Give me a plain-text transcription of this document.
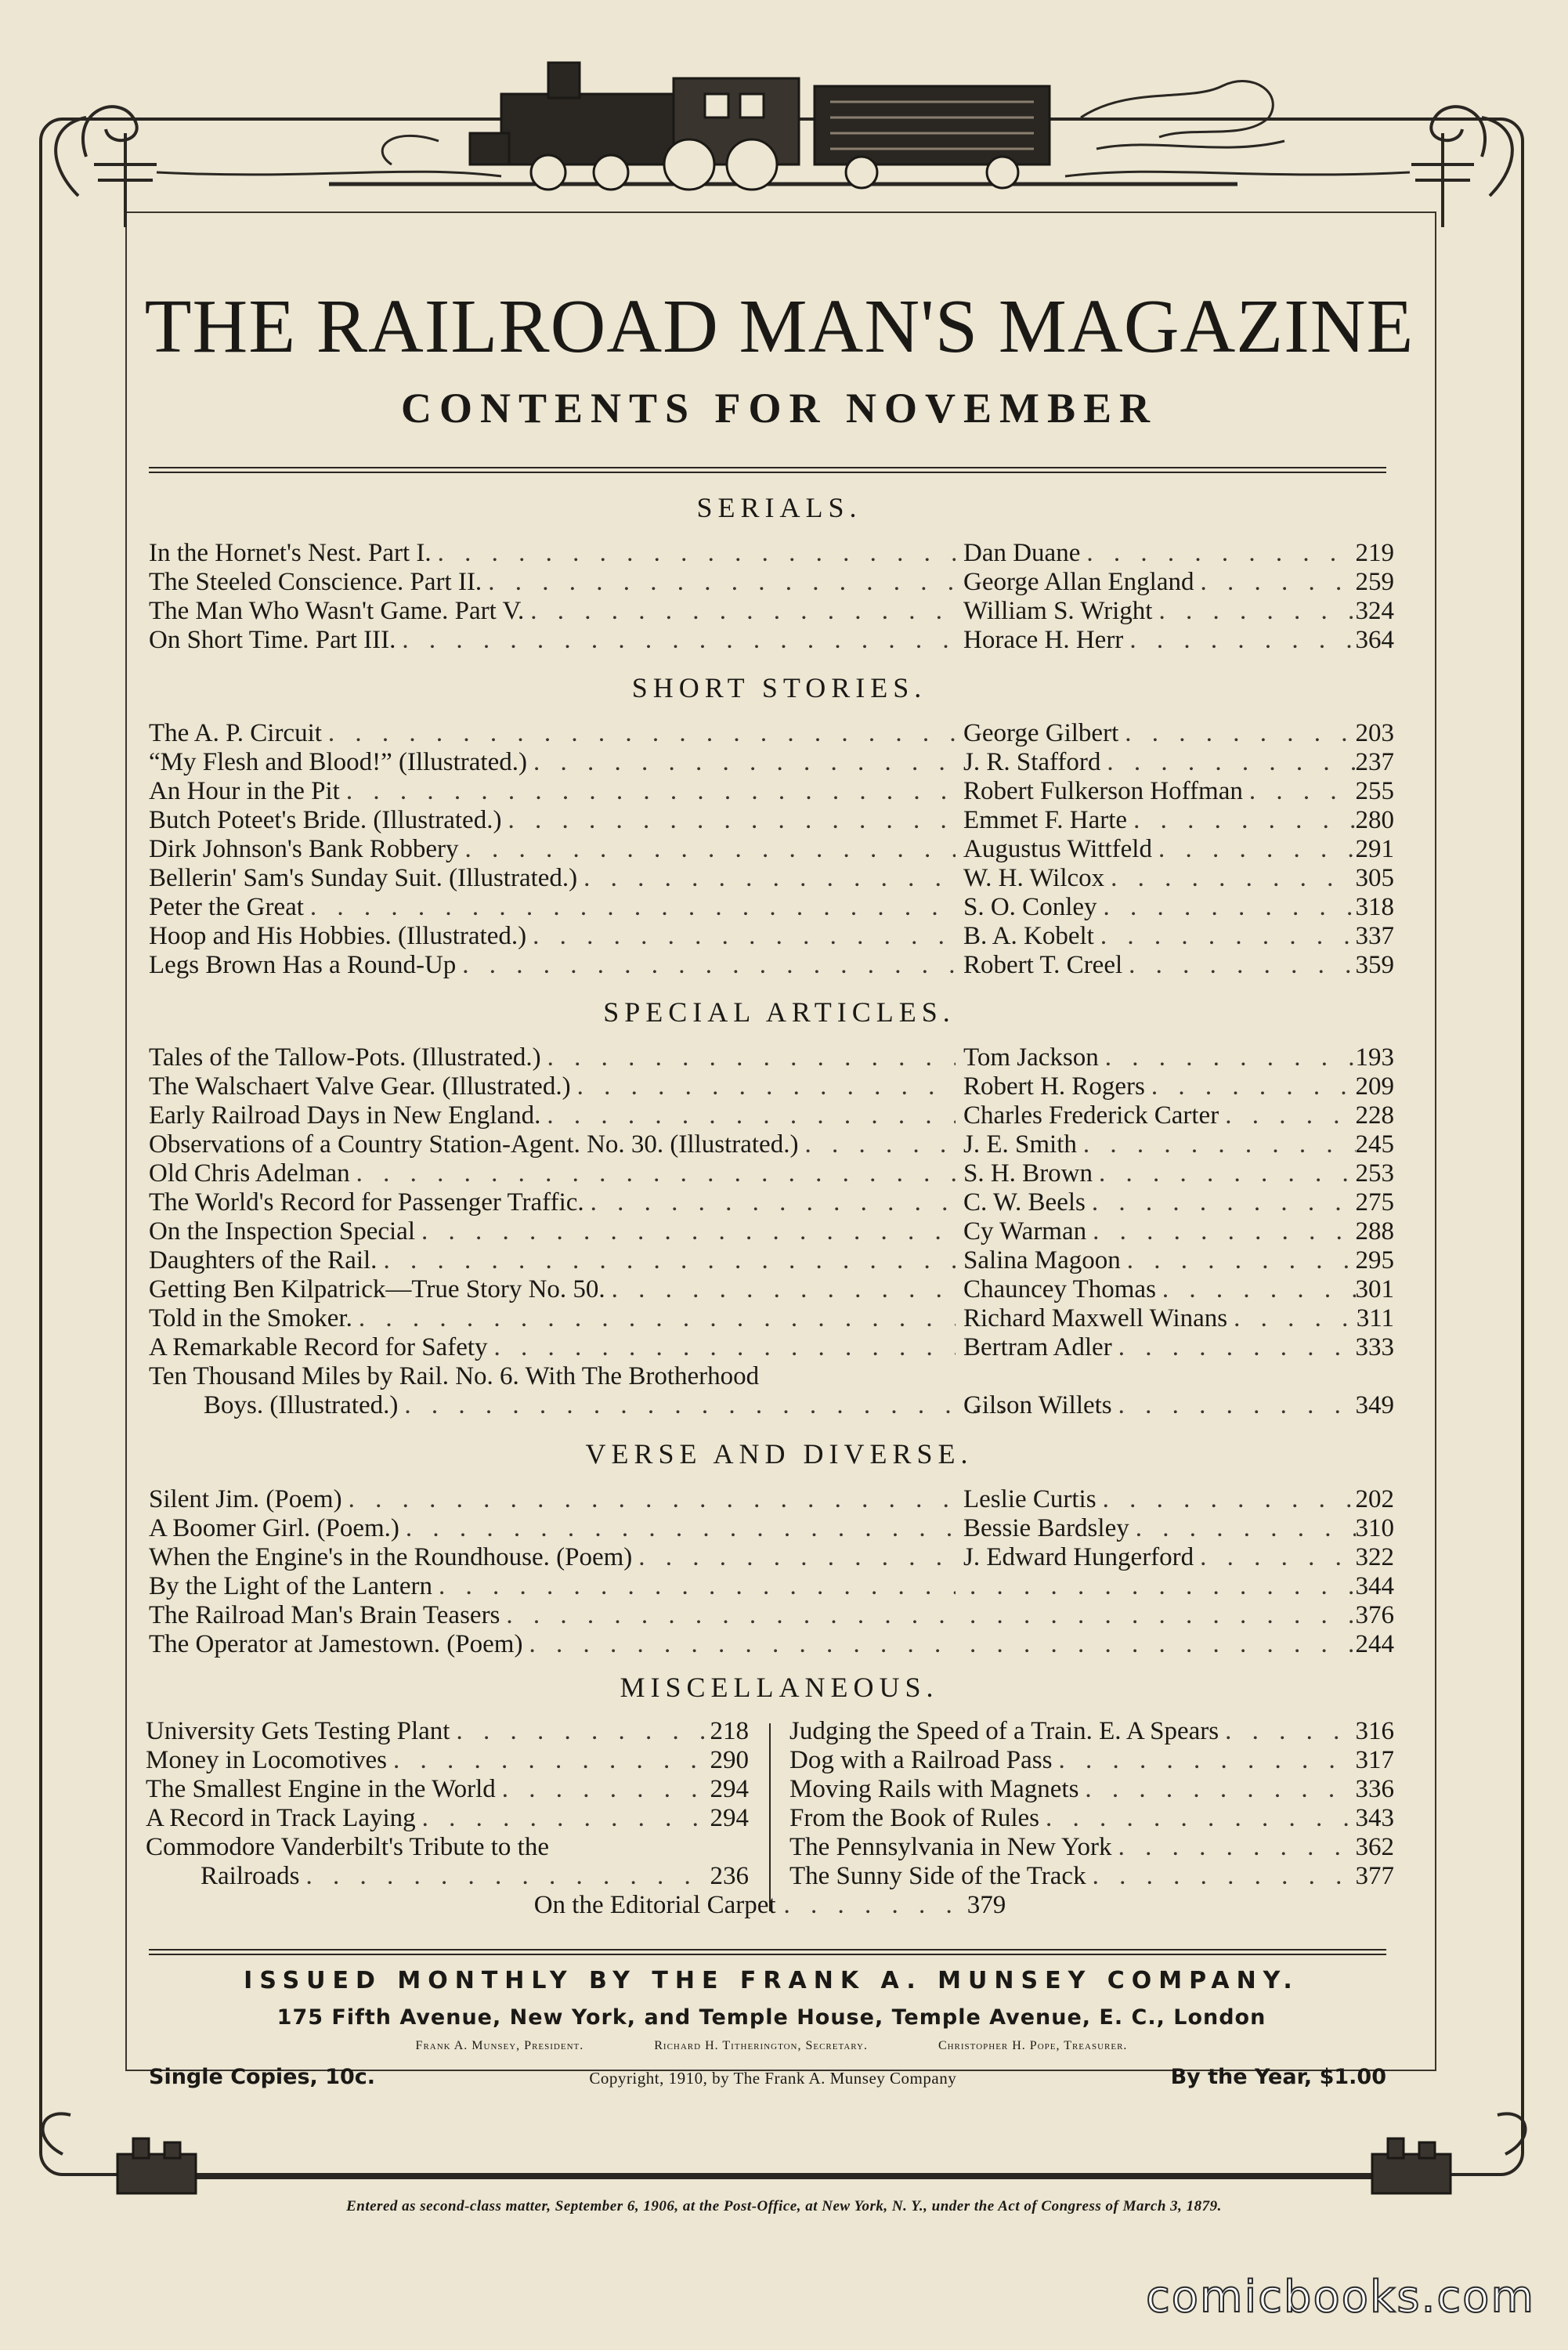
THE RAILROAD MAN'S MAGAZINE
CONTENTS FOR NOVEMBER
SERIALS.
In the Hornet's Nest. Part I. . . .	Dan Duane . . .	219
The Steeled Conscience. Part II. . . .	George Allan England . . .	259
The Man Who Wasn't Game. Part V. . . .	William S. Wright . . .	324
On Short Time. Part III. . . .	Horace H. Herr . . .	364
SHORT STORIES.
The A. P. Circuit . . .	George Gilbert . . .	203
“My Flesh and Blood!” (Illustrated.) . . .	J. R. Stafford . . .	237
An Hour in the Pit . . .	Robert Fulkerson Hoffman . . .	255
Butch Poteet's Bride. (Illustrated.) . . .	Emmet F. Harte . . .	280
Dirk Johnson's Bank Robbery . . .	Augustus Wittfeld . . .	291
Bellerin' Sam's Sunday Suit. (Illustrated.) . . .	W. H. Wilcox . . .	305
Peter the Great . . .	S. O. Conley . . .	318
Hoop and His Hobbies. (Illustrated.) . . .	B. A. Kobelt . . .	337
Legs Brown Has a Round-Up . . .	Robert T. Creel . . .	359
SPECIAL ARTICLES.
Tales of the Tallow-Pots. (Illustrated.) . . .	Tom Jackson . . .	193
The Walschaert Valve Gear. (Illustrated.) . . .	Robert H. Rogers . . .	209
Early Railroad Days in New England. . . .	Charles Frederick Carter . . .	228
Observations of a Country Station-Agent. No. 30. (Illustrated.) . . .	J. E. Smith . . .	245
Old Chris Adelman . . .	S. H. Brown . . .	253
The World's Record for Passenger Traffic. . . .	C. W. Beels . . .	275
On the Inspection Special . . .	Cy Warman . . .	288
Daughters of the Rail. . . .	Salina Magoon . . .	295
Getting Ben Kilpatrick—True Story No. 50. . . .	Chauncey Thomas . . .	301
Told in the Smoker. . . .	Richard Maxwell Winans . . .	311
A Remarkable Record for Safety . . .	Bertram Adler . . .	333
Ten Thousand Miles by Rail. No. 6. With The Brotherhood
Boys. (Illustrated.) . . .	Gilson Willets . . .	349
VERSE AND DIVERSE.
Silent Jim. (Poem) . . .	Leslie Curtis . . .	202
A Boomer Girl. (Poem.) . . .	Bessie Bardsley . . .	310
When the Engine's in the Roundhouse. (Poem) . . .	J. Edward Hungerford . . .	322
By the Light of the Lantern . . . . . .	344
The Railroad Man's Brain Teasers . . . . . .	376
The Operator at Jamestown. (Poem) . . . . . .	244
MISCELLANEOUS.
University Gets Testing Plant . . .	218
Money in Locomotives . . .	290
The Smallest Engine in the World . . .	294
A Record in Track Laying . . .	294
Commodore Vanderbilt's Tribute to the
Railroads . . .	236
Judging the Speed of a Train. E. A Spears . . .	316
Dog with a Railroad Pass . . .	317
Moving Rails with Magnets . . .	336
From the Book of Rules . . .	343
The Pennsylvania in New York . . .	362
The Sunny Side of the Track . . .	377
On the Editorial Carpet . . . . . . . 379
ISSUED MONTHLY BY THE FRANK A. MUNSEY COMPANY.
175 Fifth Avenue, New York, and Temple House, Temple Avenue, E. C., London
Frank A. Munsey, President.	Richard H. Titherington, Secretary.	Christopher H. Pope, Treasurer.
Single Copies, 10c.	Copyright, 1910, by The Frank A. Munsey Company	By the Year, $1.00
Entered as second-class matter, September 6, 1906, at the Post-Office, at New York, N. Y., under the Act of Congress of March 3, 1879.
comicbooks.com
